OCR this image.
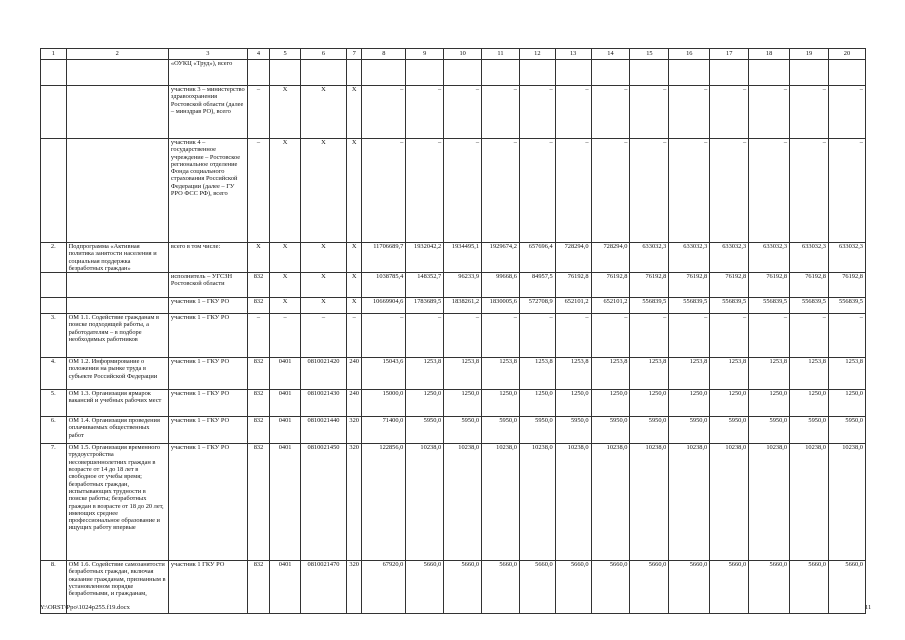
1	2	3	4	5	6	7	8	9	10	11	12	13	14	15	16	17	18	19	20
		«ОУКЦ «Труд»), всего																	
		участник 3 – министерство здравоохранения Ростовской области (далее – минздрав РО), всего	–	X	X	X	–	–	–	–	–	–	–	–	–	–	–	–	–
		участник 4 – государственное учреждение – Ростовское региональное отделение Фонда социального страхования Российской Федерации (далее – ГУ РРО ФСС РФ), всего	–	X	X	X	–	–	–	–	–	–	–	–	–	–	–	–	–
2.	Подпрограмма «Активная политика занятости населения и социальная поддержка безработных граждан»	всего в том числе:	X	X	X	X	11706689,7	1932042,2	1934495,1	1929674,2	657696,4	728294,0	728294,0	633032,3	633032,3	633032,3	633032,3	633032,3	633032,3
		исполнитель – УГСЗН Ростовской области	832	X	X	X	1038785,4	148352,7	96233,9	99668,6	84957,5	76192,8	76192,8	76192,8	76192,8	76192,8	76192,8	76192,8	76192,8
		участник 1 – ГКУ РО	832	X	X	X	10669904,6	1783689,5	1838261,2	1830005,6	572708,9	652101,2	652101,2	556839,5	556839,5	556839,5	556839,5	556839,5	556839,5
3.	ОМ 1.1. Содействие гражданам в поиске подходящей работы, а работодателям – в подборе необходимых работников	участник 1 – ГКУ РО	–	–	–	–	–	–	–	–	–	–	–	–	–	–	–	–	–
4.	ОМ 1.2. Информирование о положении на рынке труда в субъекте Российской Федерации	участник 1 – ГКУ РО	832	0401	0810021420	240	15043,6	1253,8	1253,8	1253,8	1253,8	1253,8	1253,8	1253,8	1253,8	1253,8	1253,8	1253,8	1253,8
5.	ОМ 1.3. Организация ярмарок вакансий и учебных рабочих мест	участник 1 – ГКУ РО	832	0401	0810021430	240	15000,0	1250,0	1250,0	1250,0	1250,0	1250,0	1250,0	1250,0	1250,0	1250,0	1250,0	1250,0	1250,0
6.	ОМ 1.4. Организация проведения оплачиваемых общественных работ	участник 1 – ГКУ РО	832	0401	0810021440	320	71400,0	5950,0	5950,0	5950,0	5950,0	5950,0	5950,0	5950,0	5950,0	5950,0	5950,0	5950,0	5950,0
7.	ОМ 1.5. Организация временного трудоустройства несовершеннолетних граждан в возрасте от 14 до 18 лет в свободное от учебы время; безработных граждан, испытывающих трудности в поиске работы; безработных граждан в возрасте от 18 до 20 лет, имеющих среднее профессиональное образование и ищущих работу впервые	участник 1 – ГКУ РО	832	0401	0810021450	320	122856,0	10238,0	10238,0	10238,0	10238,0	10238,0	10238,0	10238,0	10238,0	10238,0	10238,0	10238,0	10238,0
8.	ОМ 1.6. Содействие самозанятости безработных граждан, включая оказание гражданам, признанным в установленном порядке безработными, и гражданам,	участник 1 ГКУ РО	832	0401	0810021470	320	67920,0	5660,0	5660,0	5660,0	5660,0	5660,0	5660,0	5660,0	5660,0	5660,0	5660,0	5660,0	5660,0
Y:\ORST\Ppo\1024p255.f19.docx	11
